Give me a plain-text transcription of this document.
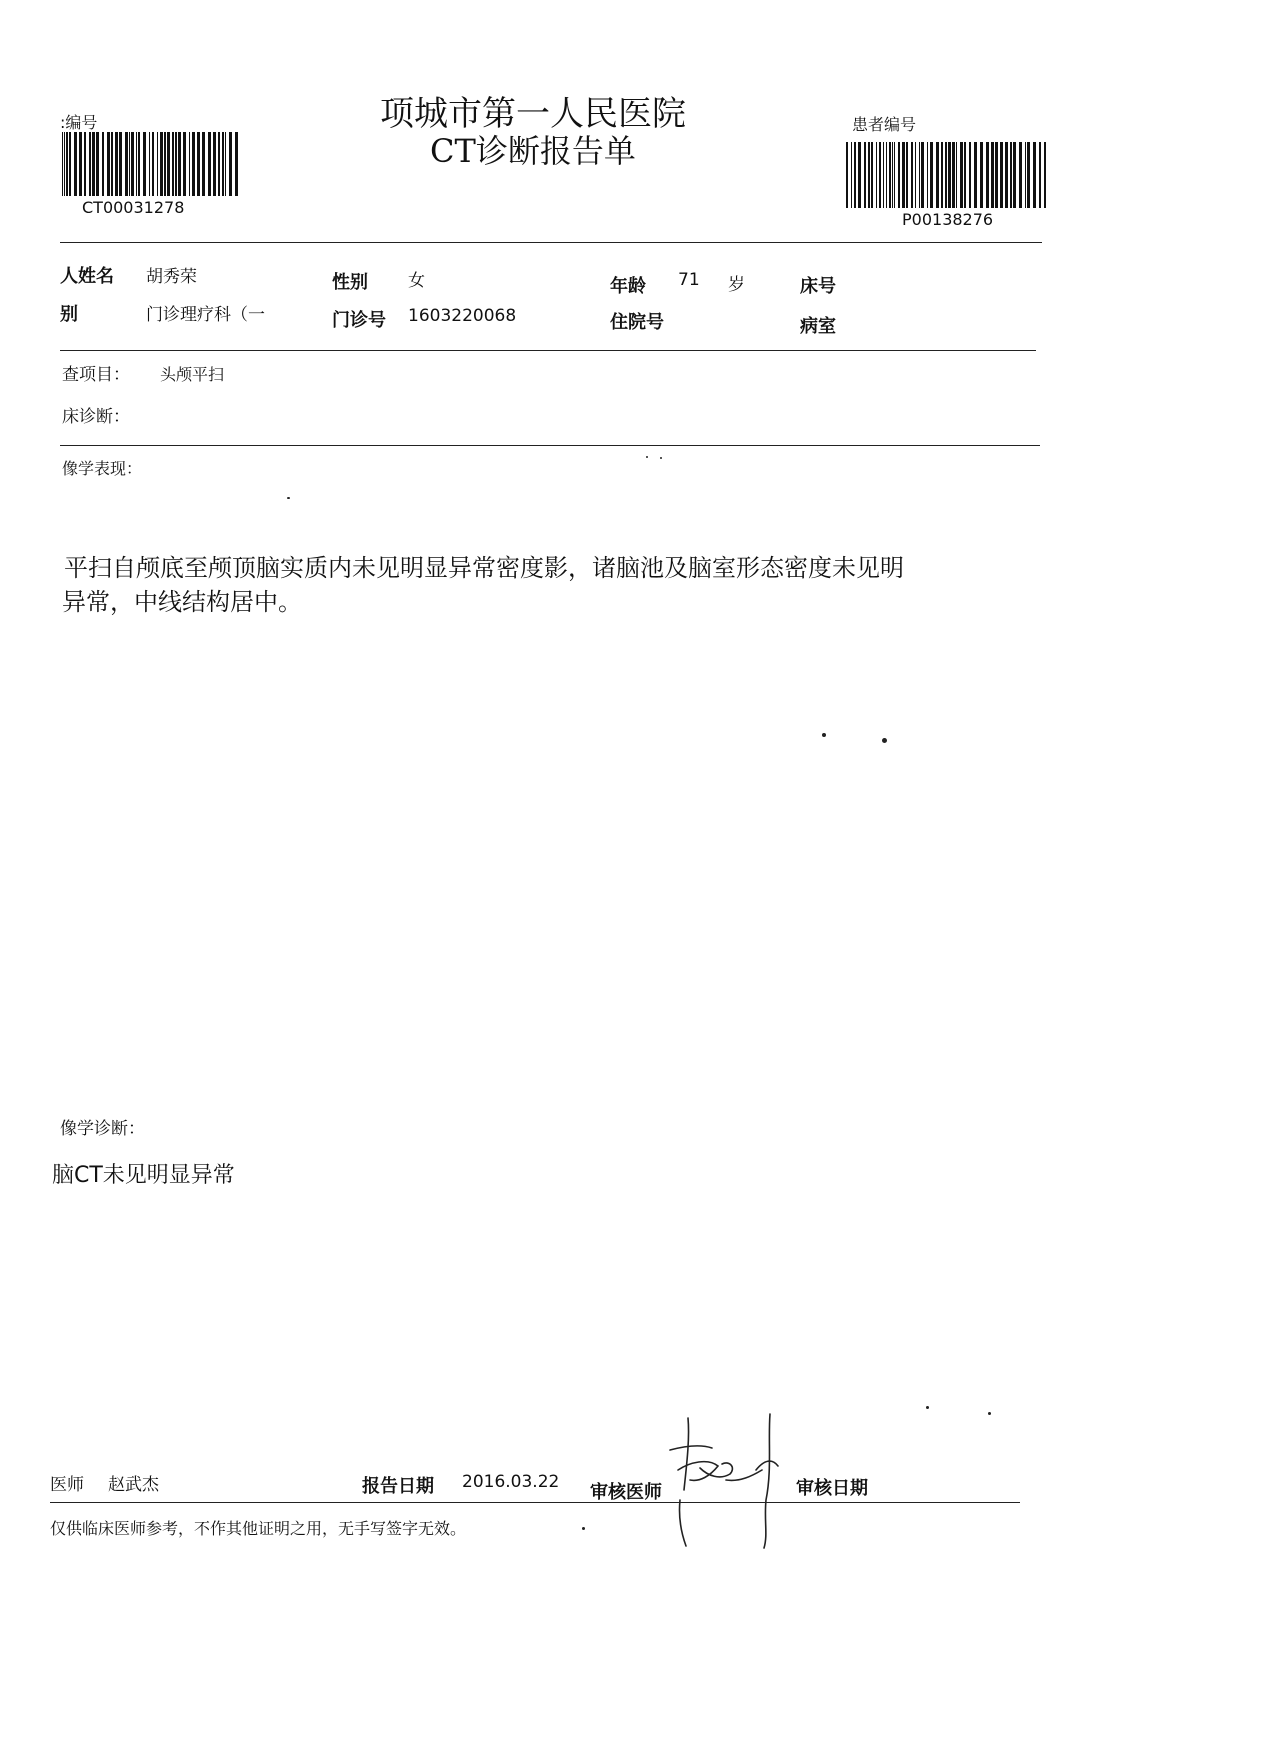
项城市第一人民医院
CT诊断报告单
:编号
CT00031278
患者编号
P00138276
人姓名 胡秀荣	性别 女	年龄 71 岁	床号
别	门诊理疗科（一	门诊号 1603220068	住院号	病室
查项目： 头颅平扫
床诊断：
像学表现：
平扫自颅底至颅顶脑实质内未见明显异常密度影，诸脑池及脑室形态密度未见明
异常，中线结构居中。
像学诊断：
脑CT未见明显异常
医师 赵武杰	报告日期 2016.03.22 审核医师	审核日期
仅供临床医师参考，不作其他证明之用，无手写签字无效。
